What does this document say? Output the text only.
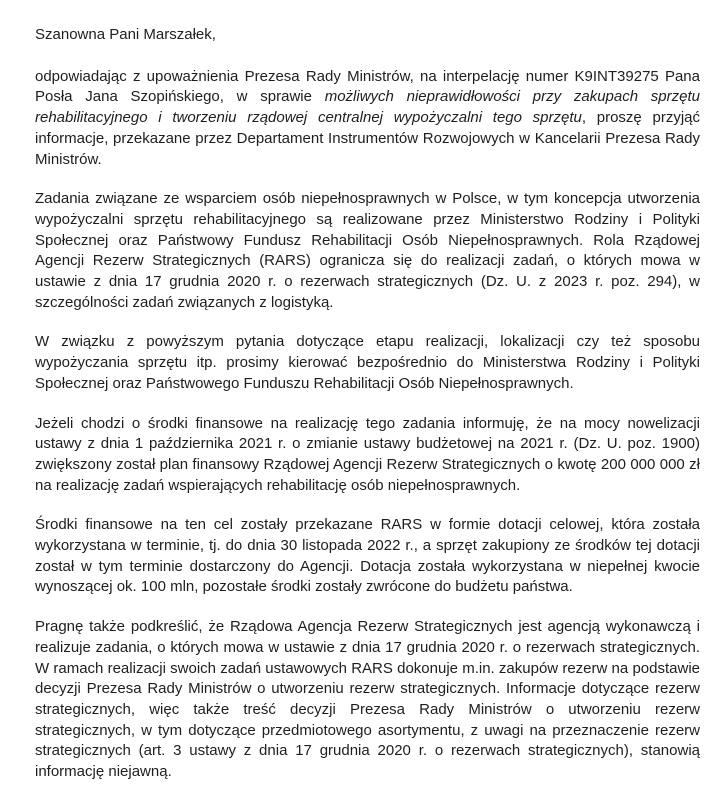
Szanowna Pani Marszałek,

odpowiadając z upoważnienia Prezesa Rady Ministrów, na interpelację numer K9INT39275 Pana Posła Jana Szopińskiego, w sprawie możliwych nieprawidłowości przy zakupach sprzętu rehabilitacyjnego i tworzeniu rządowej centralnej wypożyczalni tego sprzętu, proszę przyjąć informacje, przekazane przez Departament Instrumentów Rozwojowych w Kancelarii Prezesa Rady Ministrów.

Zadania związane ze wsparciem osób niepełnosprawnych w Polsce, w tym koncepcja utworzenia wypożyczalni sprzętu rehabilitacyjnego są realizowane przez Ministerstwo Rodziny i Polityki Społecznej oraz Państwowy Fundusz Rehabilitacji Osób Niepełnosprawnych. Rola Rządowej Agencji Rezerw Strategicznych (RARS) ogranicza się do realizacji zadań, o których mowa w ustawie z dnia 17 grudnia 2020 r. o rezerwach strategicznych (Dz. U. z 2023 r. poz. 294), w szczególności zadań związanych z logistyką.

W związku z powyższym pytania dotyczące etapu realizacji, lokalizacji czy też sposobu wypożyczania sprzętu itp. prosimy kierować bezpośrednio do Ministerstwa Rodziny i Polityki Społecznej oraz Państwowego Funduszu Rehabilitacji Osób Niepełnosprawnych.

Jeżeli chodzi o środki finansowe na realizację tego zadania informuję, że na mocy nowelizacji ustawy z dnia 1 października 2021 r. o zmianie ustawy budżetowej na 2021 r. (Dz. U. poz. 1900) zwiększony został plan finansowy Rządowej Agencji Rezerw Strategicznych o kwotę 200 000 000 zł na realizację zadań wspierających rehabilitację osób niepełnosprawnych.

Środki finansowe na ten cel zostały przekazane RARS w formie dotacji celowej, która została wykorzystana w terminie, tj. do dnia 30 listopada 2022 r., a sprzęt zakupiony ze środków tej dotacji został w tym terminie dostarczony do Agencji. Dotacja została wykorzystana w niepełnej kwocie wynoszącej ok. 100 mln, pozostałe środki zostały zwrócone do budżetu państwa.

Pragnę także podkreślić, że Rządowa Agencja Rezerw Strategicznych jest agencją wykonawczą i realizuje zadania, o których mowa w ustawie z dnia 17 grudnia 2020 r. o rezerwach strategicznych. W ramach realizacji swoich zadań ustawowych RARS dokonuje m.in. zakupów rezerw na podstawie decyzji Prezesa Rady Ministrów o utworzeniu rezerw strategicznych. Informacje dotyczące rezerw strategicznych, więc także treść decyzji Prezesa Rady Ministrów o utworzeniu rezerw strategicznych, w tym dotyczące przedmiotowego asortymentu, z uwagi na przeznaczenie rezerw strategicznych (art. 3 ustawy z dnia 17 grudnia 2020 r. o rezerwach strategicznych), stanowią informację niejawną.
